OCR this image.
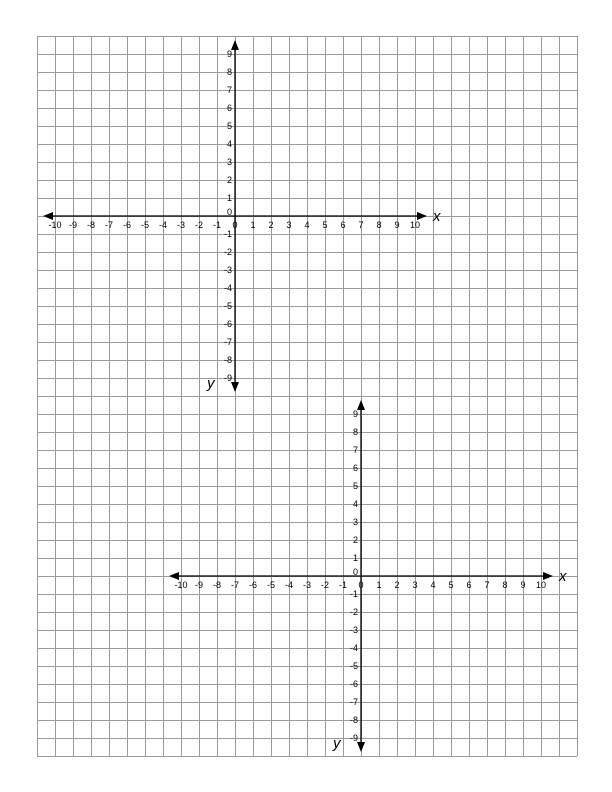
-10 -9 -8 -7 -6 -5 -4 -3 -2 -1 0 1 2 3 4 5 6 7 8 9 10
9
8
7
6
5
4
3
2
1
0
-1
-2
-3
-4
-5
-6
-7
-8
-9
x
y
-10 -9 -8 -7 -6 -5 -4 -3 -2 -1 0 1 2 3 4 5 6 7 8 9 10
9
8
7
6
5
4
3
2
1
0
-1
-2
-3
-4
-5
-6
-7
-8
-9
x
y
